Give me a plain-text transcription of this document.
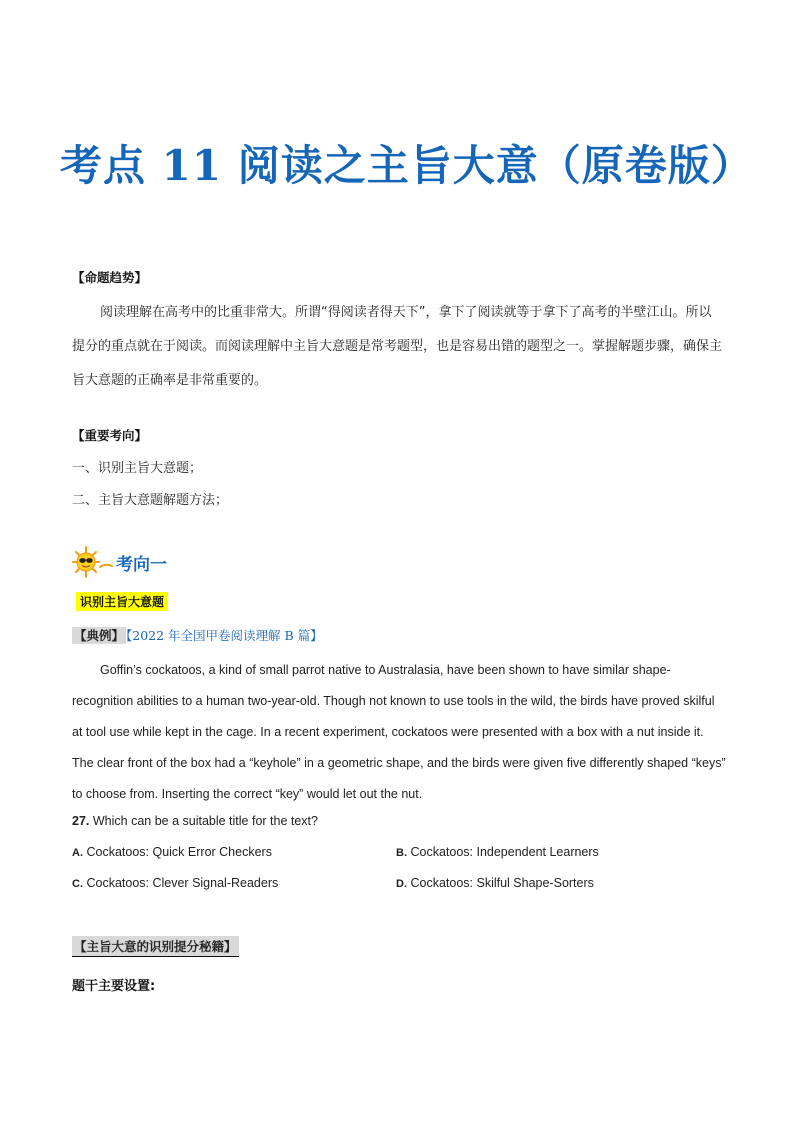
考点 11 阅读之主旨大意（原卷版）
【命题趋势】
阅读理解在高考中的比重非常大。所谓“得阅读者得天下”，拿下了阅读就等于拿下了高考的半壁江山。所以提分的重点就在于阅读。而阅读理解中主旨大意题是常考题型，也是容易出错的题型之一。掌握解题步骤，确保主旨大意题的正确率是非常重要的。
【重要考向】
一、识别主旨大意题；
二、主旨大意题解题方法；
考向一
识别主旨大意题
【典例】 【2022 年全国甲卷阅读理解 B 篇】
Goffin’s cockatoos, a kind of small parrot native to Australasia, have been shown to have similar shape-recognition abilities to a human two-year-old. Though not known to use tools in the wild, the birds have proved skilful at tool use while kept in the cage. In a recent experiment, cockatoos were presented with a box with a nut inside it. The clear front of the box had a “keyhole” in a geometric shape, and the birds were given five differently shaped “keys” to choose from. Inserting the correct “key” would let out the nut.
27. Which can be a suitable title for the text?
A. Cockatoos: Quick Error Checkers	B. Cockatoos: Independent Learners
C. Cockatoos: Clever Signal-Readers	D. Cockatoos: Skilful Shape-Sorters
【主旨大意的识别提分秘籍】
题干主要设置:
